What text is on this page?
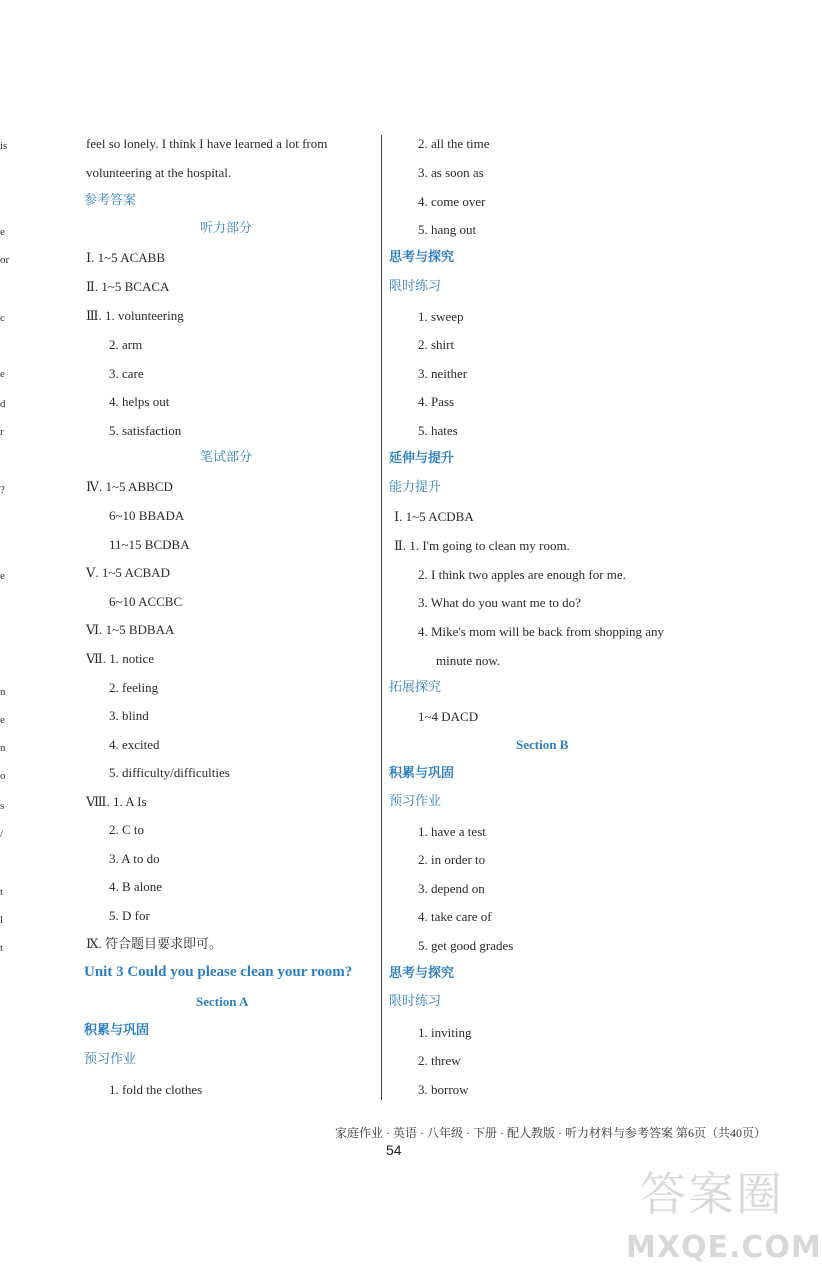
is
e
or
c
e
d
r
?
e
n
e
n
o
s
/
t
l
t
feel so lonely. I think I have learned a lot from
volunteering at the hospital.
参考答案
听力部分
Ⅰ. 1~5 ACABB
Ⅱ. 1~5 BCACA
Ⅲ. 1. volunteering
2. arm
3. care
4. helps out
5. satisfaction
笔试部分
Ⅳ. 1~5 ABBCD
6~10 BBADA
11~15 BCDBA
Ⅴ. 1~5 ACBAD
6~10 ACCBC
Ⅵ. 1~5 BDBAA
Ⅶ. 1. notice
2. feeling
3. blind
4. excited
5. difficulty/difficulties
Ⅷ. 1. A Is
2. C to
3. A to do
4. B alone
5. D for
Ⅸ. 符合题目要求即可。
Unit 3 Could you please clean your room?
Section A
积累与巩固
预习作业
1. fold the clothes
2. all the time
3. as soon as
4. come over
5. hang out
思考与探究
限时练习
1. sweep
2. shirt
3. neither
4. Pass
5. hates
延伸与提升
能力提升
Ⅰ. 1~5 ACDBA
Ⅱ. 1. I'm going to clean my room.
2. I think two apples are enough for me.
3. What do you want me to do?
4. Mike's mom will be back from shopping any
minute now.
拓展探究
1~4 DACD
Section B
积累与巩固
预习作业
1. have a test
2. in order to
3. depend on
4. take care of
5. get good grades
思考与探究
限时练习
1. inviting
2. threw
3. borrow
家庭作业 · 英语 · 八年级 · 下册 · 配人教版 · 听力材料与参考答案 第6页（共40页）
54
答案圈
MXQE.COM
